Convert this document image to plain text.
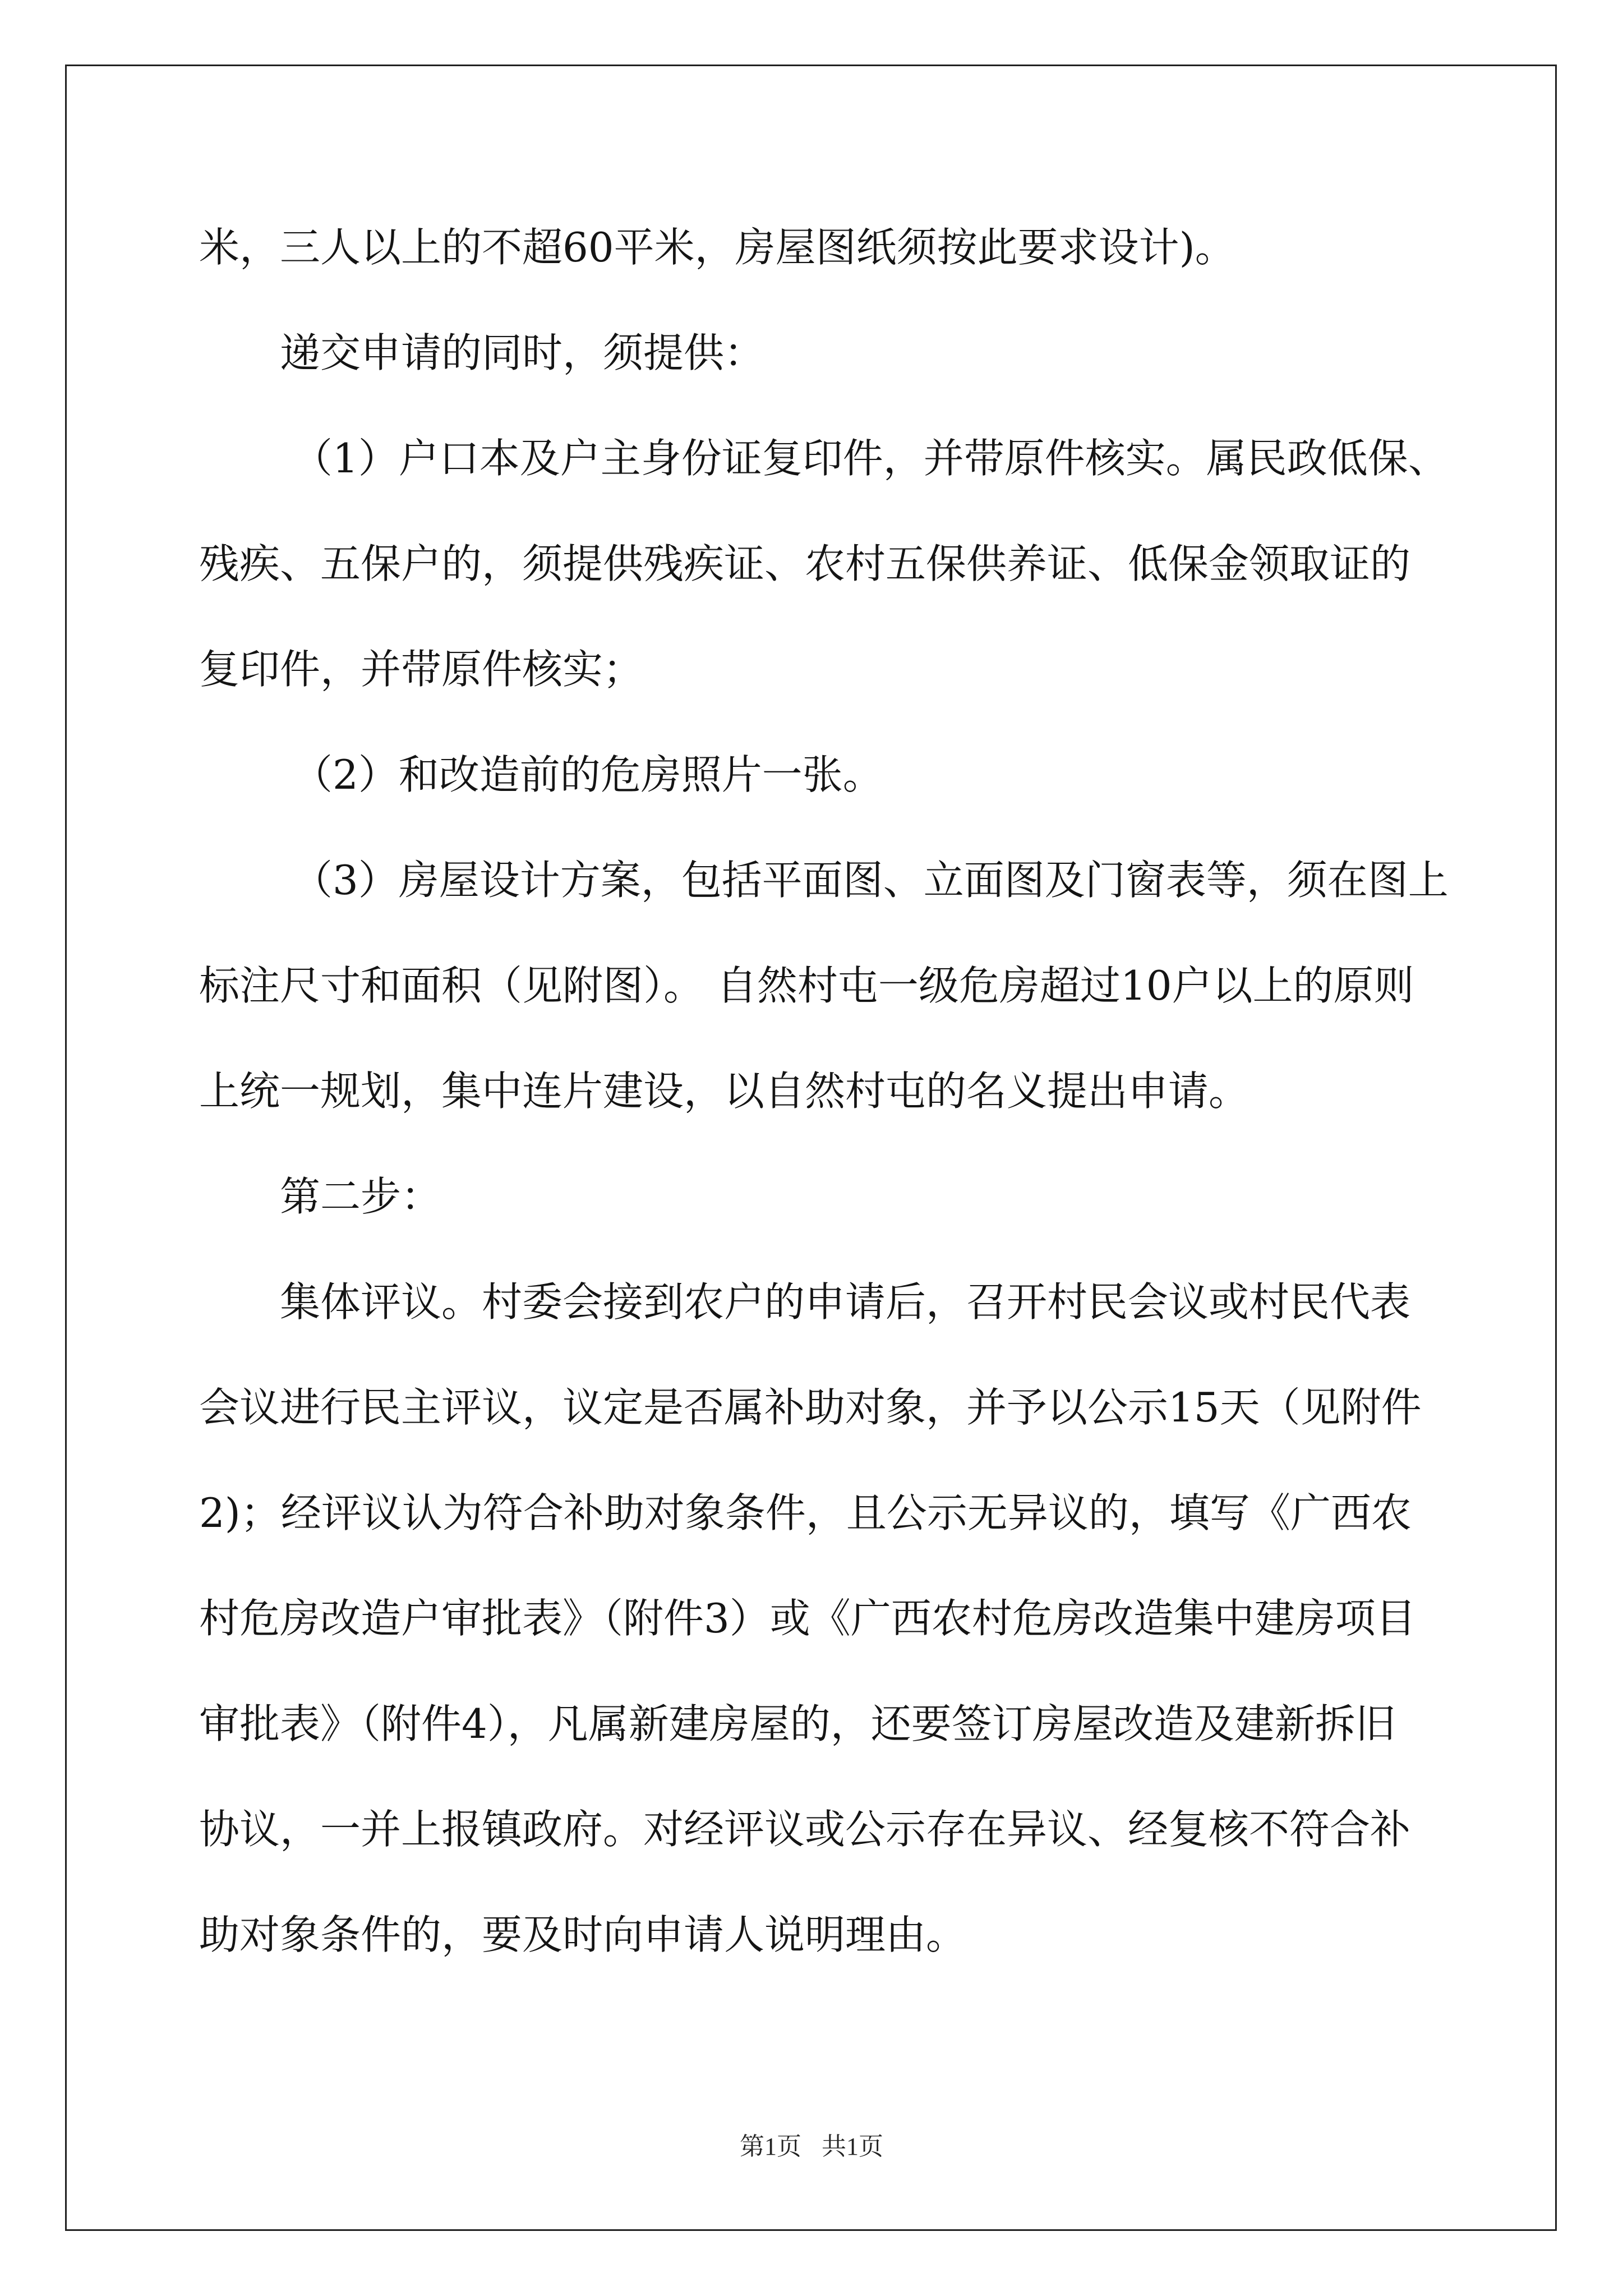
米，三人以上的不超60平米，房屋图纸须按此要求设计)。
递交申请的同时，须提供：
（1）户口本及户主身份证复印件，并带原件核实。属民政低保、
残疾、五保户的，须提供残疾证、农村五保供养证、低保金领取证的
复印件，并带原件核实；
（2）和改造前的危房照片一张。
（3）房屋设计方案，包括平面图、立面图及门窗表等，须在图上
标注尺寸和面积（见附图）。 自然村屯一级危房超过10户以上的原则
上统一规划，集中连片建设，以自然村屯的名义提出申请。
第二步：
集体评议。村委会接到农户的申请后，召开村民会议或村民代表
会议进行民主评议，议定是否属补助对象，并予以公示15天（见附件
2)；经评议认为符合补助对象条件，且公示无异议的，填写《广西农
村危房改造户审批表》（附件3）或《广西农村危房改造集中建房项目
审批表》（附件4），凡属新建房屋的，还要签订房屋改造及建新拆旧
协议，一并上报镇政府。对经评议或公示存在异议、经复核不符合补
助对象条件的，要及时向申请人说明理由。
第1页 共1页
